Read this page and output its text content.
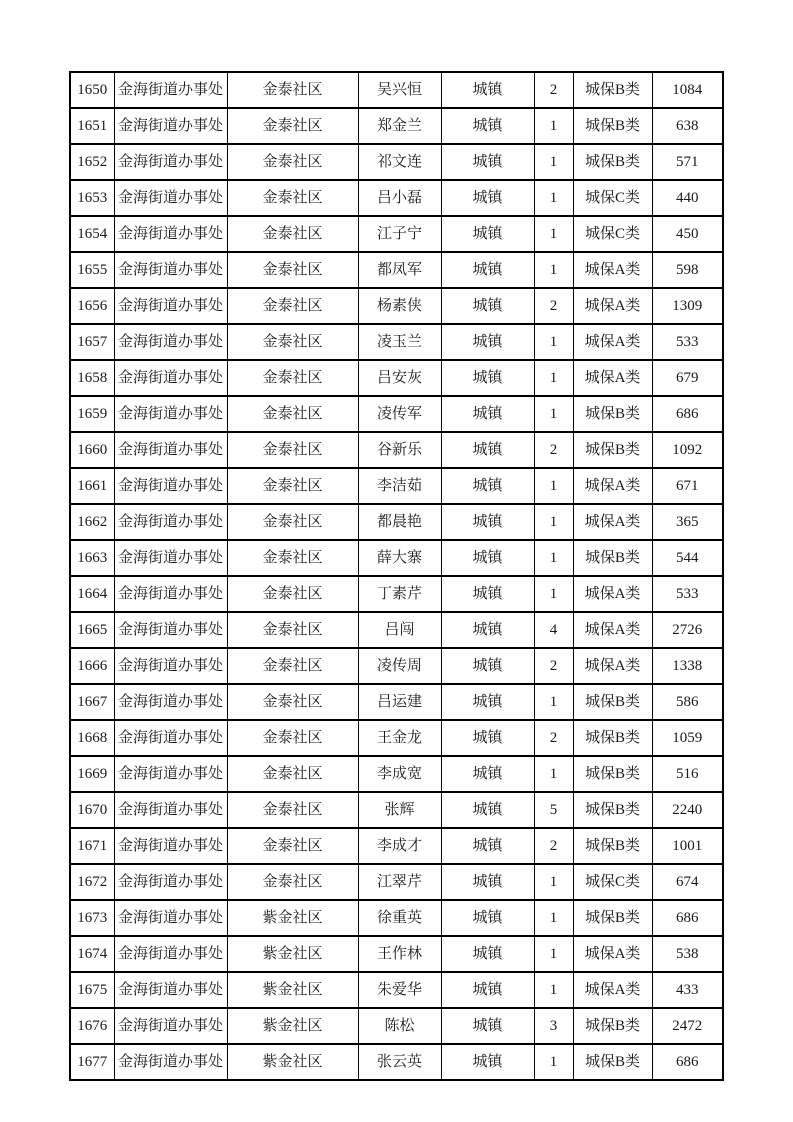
1650	金海街道办事处	金泰社区	吴兴恒	城镇	2	城保B类	1084
1651	金海街道办事处	金泰社区	郑金兰	城镇	1	城保B类	638
1652	金海街道办事处	金泰社区	祁文连	城镇	1	城保B类	571
1653	金海街道办事处	金泰社区	吕小磊	城镇	1	城保C类	440
1654	金海街道办事处	金泰社区	江子宁	城镇	1	城保C类	450
1655	金海街道办事处	金泰社区	都凤军	城镇	1	城保A类	598
1656	金海街道办事处	金泰社区	杨素侠	城镇	2	城保A类	1309
1657	金海街道办事处	金泰社区	凌玉兰	城镇	1	城保A类	533
1658	金海街道办事处	金泰社区	吕安灰	城镇	1	城保A类	679
1659	金海街道办事处	金泰社区	凌传军	城镇	1	城保B类	686
1660	金海街道办事处	金泰社区	谷新乐	城镇	2	城保B类	1092
1661	金海街道办事处	金泰社区	李洁茹	城镇	1	城保A类	671
1662	金海街道办事处	金泰社区	都晨艳	城镇	1	城保A类	365
1663	金海街道办事处	金泰社区	薛大寨	城镇	1	城保B类	544
1664	金海街道办事处	金泰社区	丁素芹	城镇	1	城保A类	533
1665	金海街道办事处	金泰社区	吕闯	城镇	4	城保A类	2726
1666	金海街道办事处	金泰社区	凌传周	城镇	2	城保A类	1338
1667	金海街道办事处	金泰社区	吕运建	城镇	1	城保B类	586
1668	金海街道办事处	金泰社区	王金龙	城镇	2	城保B类	1059
1669	金海街道办事处	金泰社区	李成宽	城镇	1	城保B类	516
1670	金海街道办事处	金泰社区	张辉	城镇	5	城保B类	2240
1671	金海街道办事处	金泰社区	李成才	城镇	2	城保B类	1001
1672	金海街道办事处	金泰社区	江翠芹	城镇	1	城保C类	674
1673	金海街道办事处	紫金社区	徐重英	城镇	1	城保B类	686
1674	金海街道办事处	紫金社区	王作林	城镇	1	城保A类	538
1675	金海街道办事处	紫金社区	朱爱华	城镇	1	城保A类	433
1676	金海街道办事处	紫金社区	陈松	城镇	3	城保B类	2472
1677	金海街道办事处	紫金社区	张云英	城镇	1	城保B类	686
